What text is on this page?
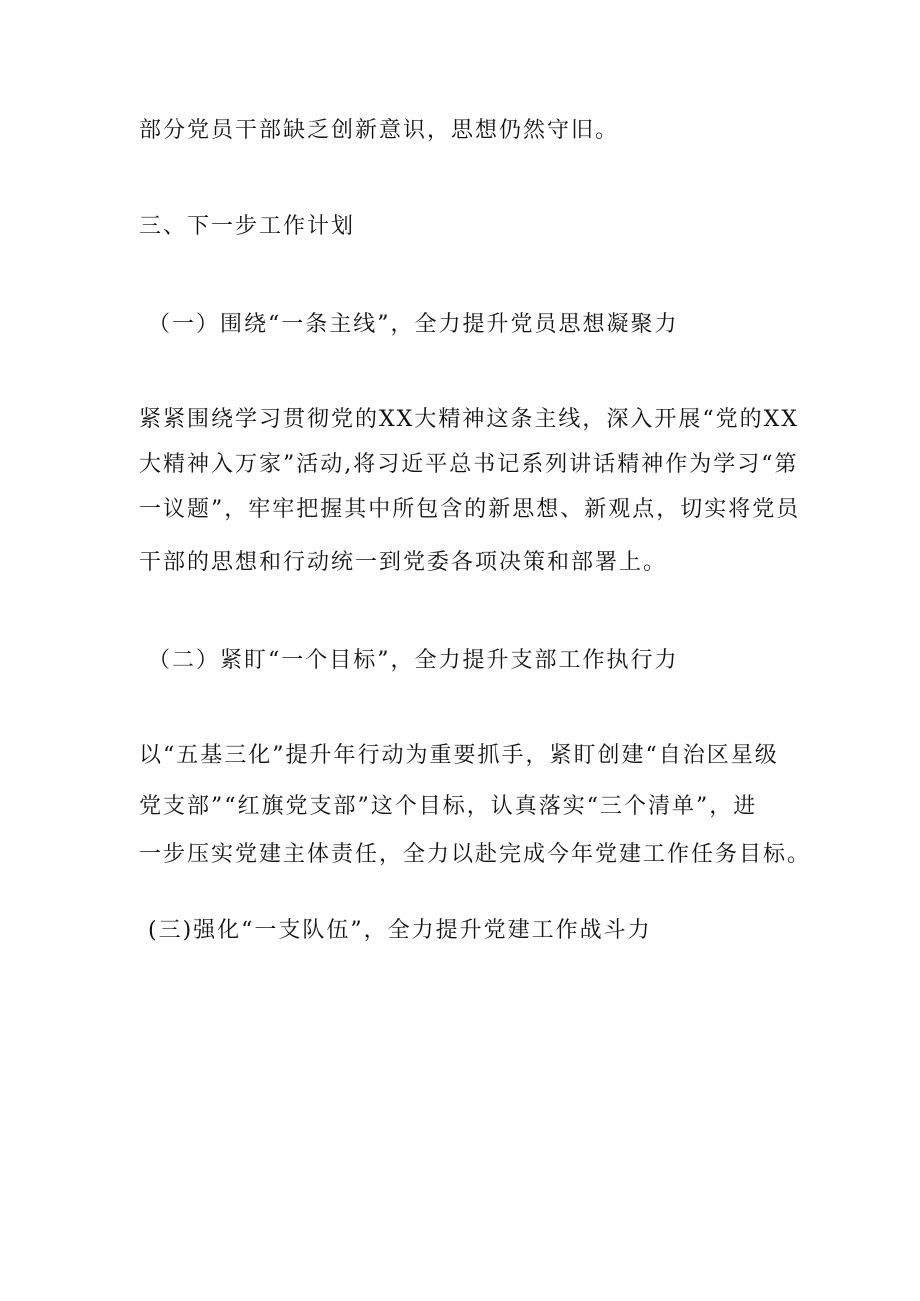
部分党员干部缺乏创新意识，思想仍然守旧。
三、下一步工作计划
（一）围绕“一条主线”，全力提升党员思想凝聚力
紧紧围绕学习贯彻党的XX大精神这条主线，深入开展“党的XX
大精神入万家”活动,将习近平总书记系列讲话精神作为学习“第
一议题”，牢牢把握其中所包含的新思想、新观点，切实将党员
干部的思想和行动统一到党委各项决策和部署上。
（二）紧盯“一个目标”，全力提升支部工作执行力
以“五基三化”提升年行动为重要抓手，紧盯创建“自治区星级
党支部”“红旗党支部”这个目标，认真落实“三个清单”，进
一步压实党建主体责任，全力以赴完成今年党建工作任务目标。
(三)强化“一支队伍”，全力提升党建工作战斗力
